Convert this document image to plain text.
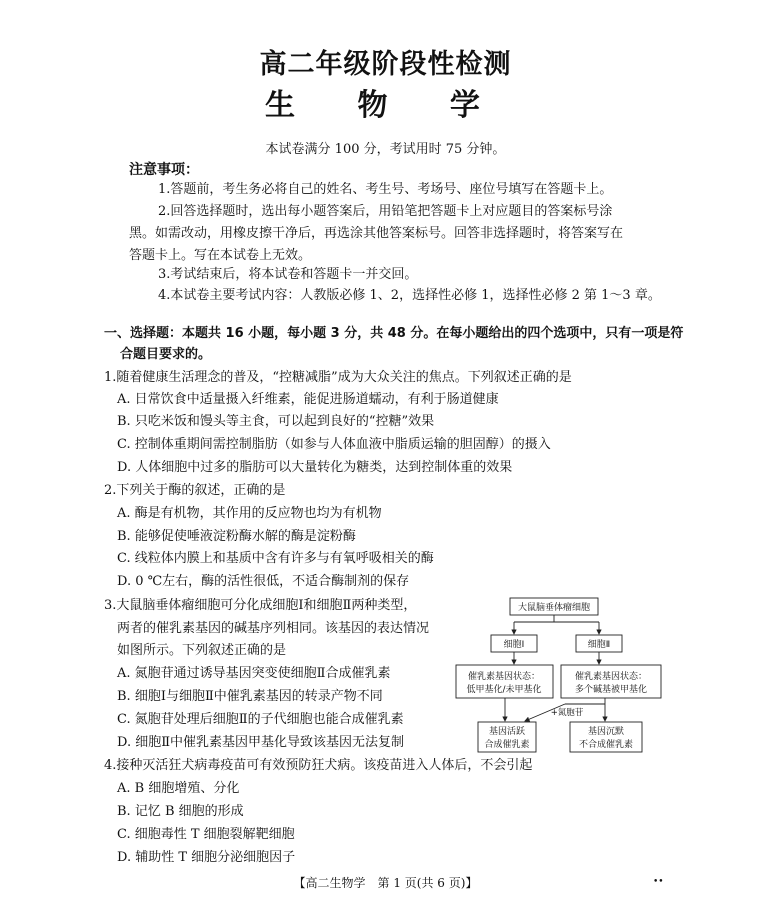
高二年级阶段性检测
生 物 学
本试卷满分 100 分，考试用时 75 分钟。
注意事项：
1.答题前，考生务必将自己的姓名、考生号、考场号、座位号填写在答题卡上。
2.回答选择题时，选出每小题答案后，用铅笔把答题卡上对应题目的答案标号涂
黑。如需改动，用橡皮擦干净后，再选涂其他答案标号。回答非选择题时，将答案写在
答题卡上。写在本试卷上无效。
3.考试结束后，将本试卷和答题卡一并交回。
4.本试卷主要考试内容：人教版必修 1、2，选择性必修 1，选择性必修 2 第 1～3 章。
一、选择题：本题共 16 小题，每小题 3 分，共 48 分。在每小题给出的四个选项中，只有一项是符
合题目要求的。
1.随着健康生活理念的普及，“控糖减脂”成为大众关注的焦点。下列叙述正确的是
A. 日常饮食中适量摄入纤维素，能促进肠道蠕动，有利于肠道健康
B. 只吃米饭和馒头等主食，可以起到良好的“控糖”效果
C. 控制体重期间需控制脂肪（如参与人体血液中脂质运输的胆固醇）的摄入
D. 人体细胞中过多的脂肪可以大量转化为糖类，达到控制体重的效果
2.下列关于酶的叙述，正确的是
A. 酶是有机物，其作用的反应物也均为有机物
B. 能够促使唾液淀粉酶水解的酶是淀粉酶
C. 线粒体内膜上和基质中含有许多与有氧呼吸相关的酶
D. 0 ℃左右，酶的活性很低，不适合酶制剂的保存
3.大鼠脑垂体瘤细胞可分化成细胞Ⅰ和细胞Ⅱ两种类型，
两者的催乳素基因的碱基序列相同。该基因的表达情况
如图所示。下列叙述正确的是
A. 氮胞苷通过诱导基因突变使细胞Ⅱ合成催乳素
B. 细胞Ⅰ与细胞Ⅱ中催乳素基因的转录产物不同
C. 氮胞苷处理后细胞Ⅱ的子代细胞也能合成催乳素
D. 细胞Ⅱ中催乳素基因甲基化导致该基因无法复制
大鼠脑垂体瘤细胞
细胞Ⅰ	细胞Ⅱ
催乳素基因状态：
低甲基化/未甲基化
催乳素基因状态：
多个碱基被甲基化
+氮胞苷
基因活跃
合成催乳素
基因沉默
不合成催乳素
4.接种灭活狂犬病毒疫苗可有效预防狂犬病。该疫苗进入人体后，不会引起
A. B 细胞增殖、分化
B. 记忆 B 细胞的形成
C. 细胞毒性 T 细胞裂解靶细胞
D. 辅助性 T 细胞分泌细胞因子
【高二生物学　第 1 页(共 6 页)】	••
